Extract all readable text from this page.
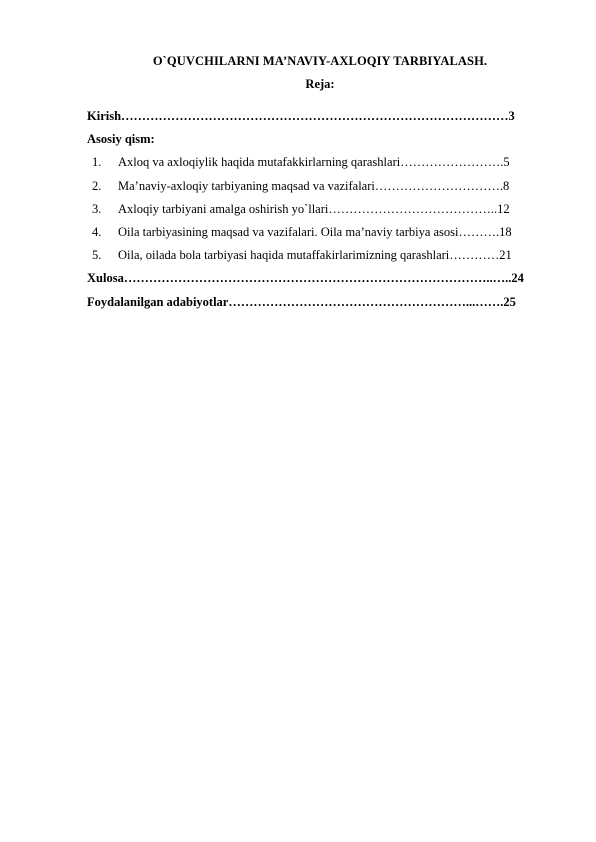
O`QUVCHILARNI MA’NAVIY-AXLOQIY TARBIYALASH.
Reja:
Kirish…………………………………………………………………………………3
Asosiy qism:
1. Axloq va axloqiylik haqida mutafakkirlarning qarashlari…………………….5
2. Ma’naviy-axloqiy tarbiyaning maqsad va vazifalari………………………….8
3. Axloqiy tarbiyani amalga oshirish yo`llari…………………………………..12
4. Oila tarbiyasining maqsad va vazifalari. Oila ma’naviy tarbiya asosi……….18
5. Oila, oilada bola tarbiyasi haqida mutaffakirlarimizning qarashlari…………21
Xulosa……………………………………………………………………………..…..24
Foydalanilgan adabiyotlar…………………………………………………...…….25
